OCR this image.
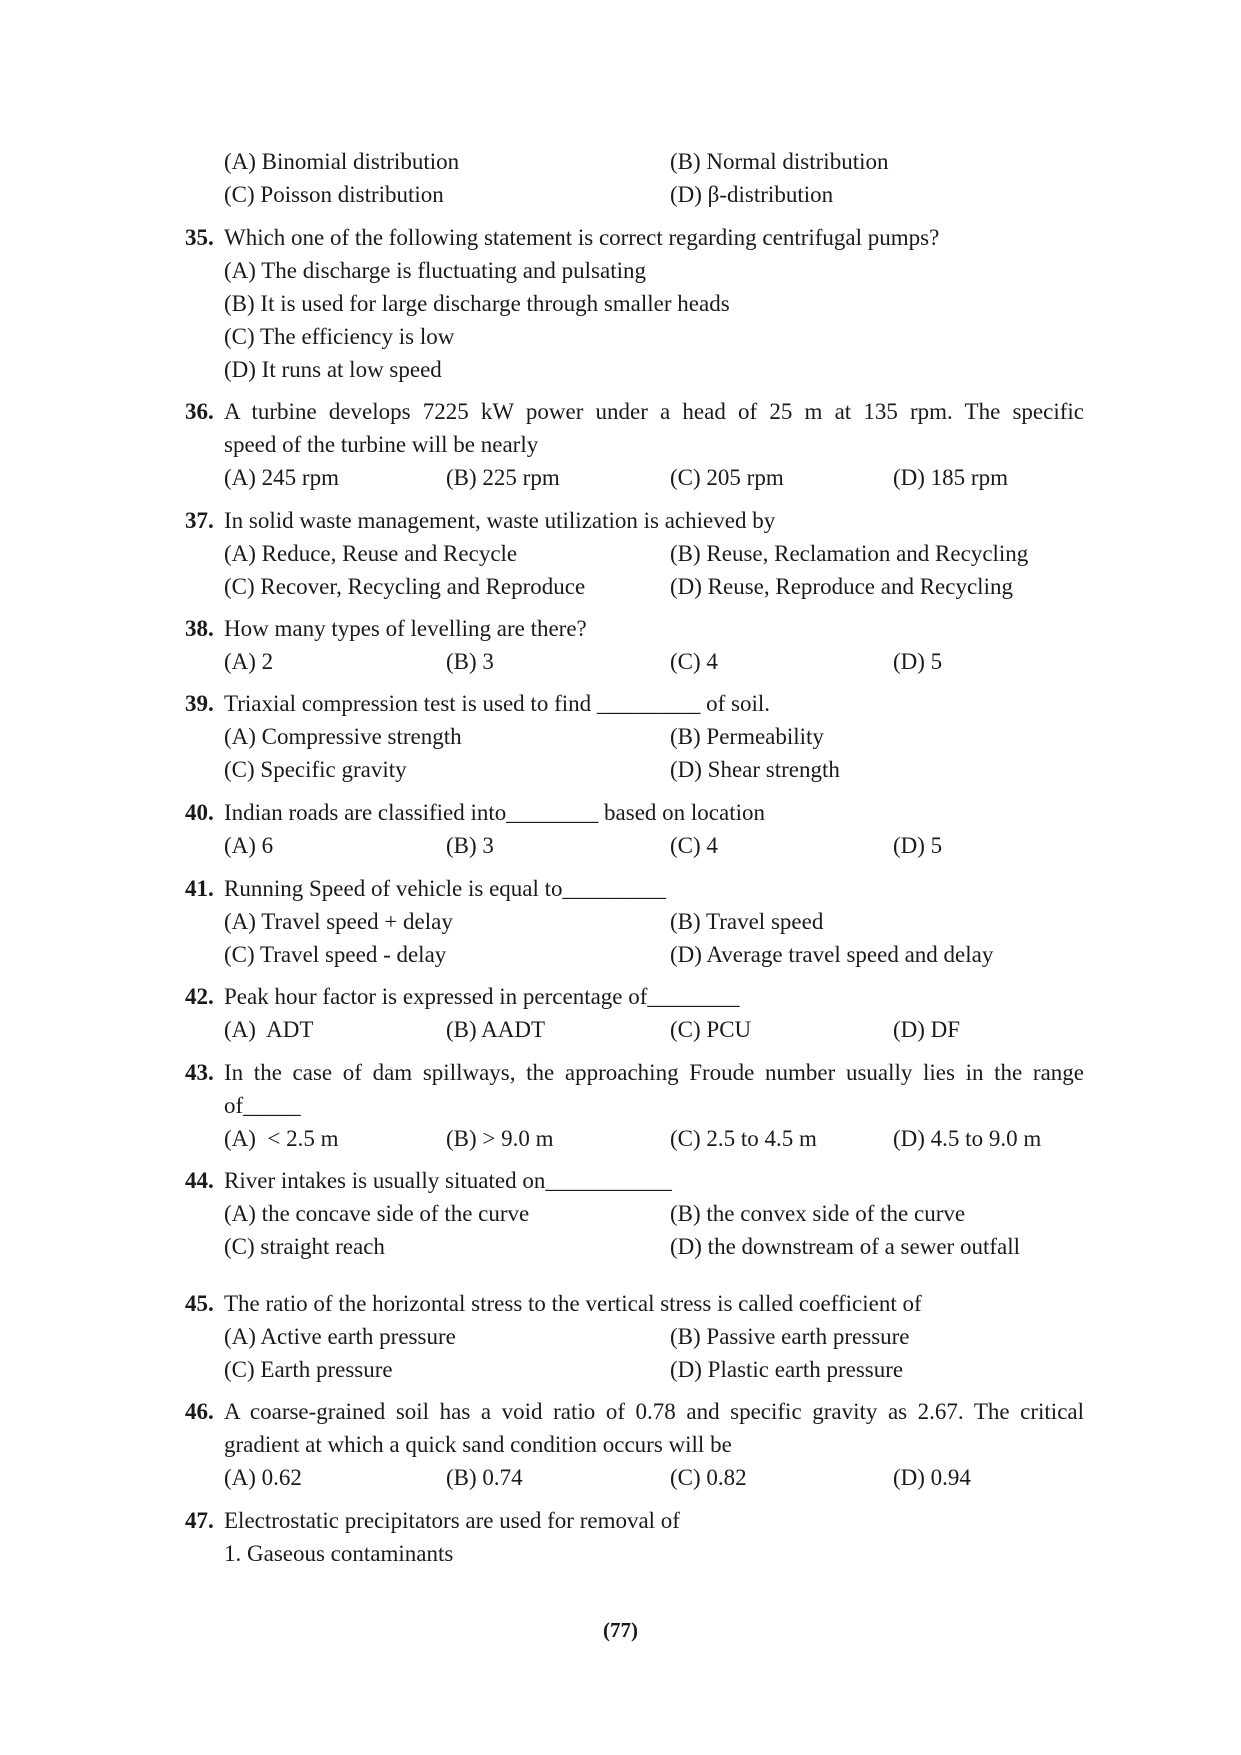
(A) Binomial distribution	(B) Normal distribution
(C) Poisson distribution	(D) β-distribution
35. Which one of the following statement is correct regarding centrifugal pumps?
(A) The discharge is fluctuating and pulsating
(B) It is used for large discharge through smaller heads
(C) The efficiency is low
(D) It runs at low speed
36. A turbine develops 7225 kW power under a head of 25 m at 135 rpm. The specific
speed of the turbine will be nearly
(A) 245 rpm	(B) 225 rpm	(C) 205 rpm	(D) 185 rpm
37. In solid waste management, waste utilization is achieved by
(A) Reduce, Reuse and Recycle	(B) Reuse, Reclamation and Recycling
(C) Recover, Recycling and Reproduce	(D) Reuse, Reproduce and Recycling
38. How many types of levelling are there?
(A) 2	(B) 3	(C) 4	(D) 5
39. Triaxial compression test is used to find _________ of soil.
(A) Compressive strength	(B) Permeability
(C) Specific gravity	(D) Shear strength
40. Indian roads are classified into________ based on location
(A) 6	(B) 3	(C) 4	(D) 5
41. Running Speed of vehicle is equal to_________
(A) Travel speed + delay	(B) Travel speed
(C) Travel speed - delay	(D) Average travel speed and delay
42. Peak hour factor is expressed in percentage of________
(A)  ADT	(B) AADT	(C) PCU	(D) DF
43. In the case of dam spillways, the approaching Froude number usually lies in the range
of_____
(A)  < 2.5 m	(B) > 9.0 m	(C) 2.5 to 4.5 m	(D) 4.5 to 9.0 m
44. River intakes is usually situated on___________
(A) the concave side of the curve	(B) the convex side of the curve
(C) straight reach	(D) the downstream of a sewer outfall
45. The ratio of the horizontal stress to the vertical stress is called coefficient of
(A) Active earth pressure	(B) Passive earth pressure
(C) Earth pressure	(D) Plastic earth pressure
46. A coarse-grained soil has a void ratio of 0.78 and specific gravity as 2.67. The critical
gradient at which a quick sand condition occurs will be
(A) 0.62	(B) 0.74	(C) 0.82	(D) 0.94
47. Electrostatic precipitators are used for removal of
1. Gaseous contaminants
(77)
